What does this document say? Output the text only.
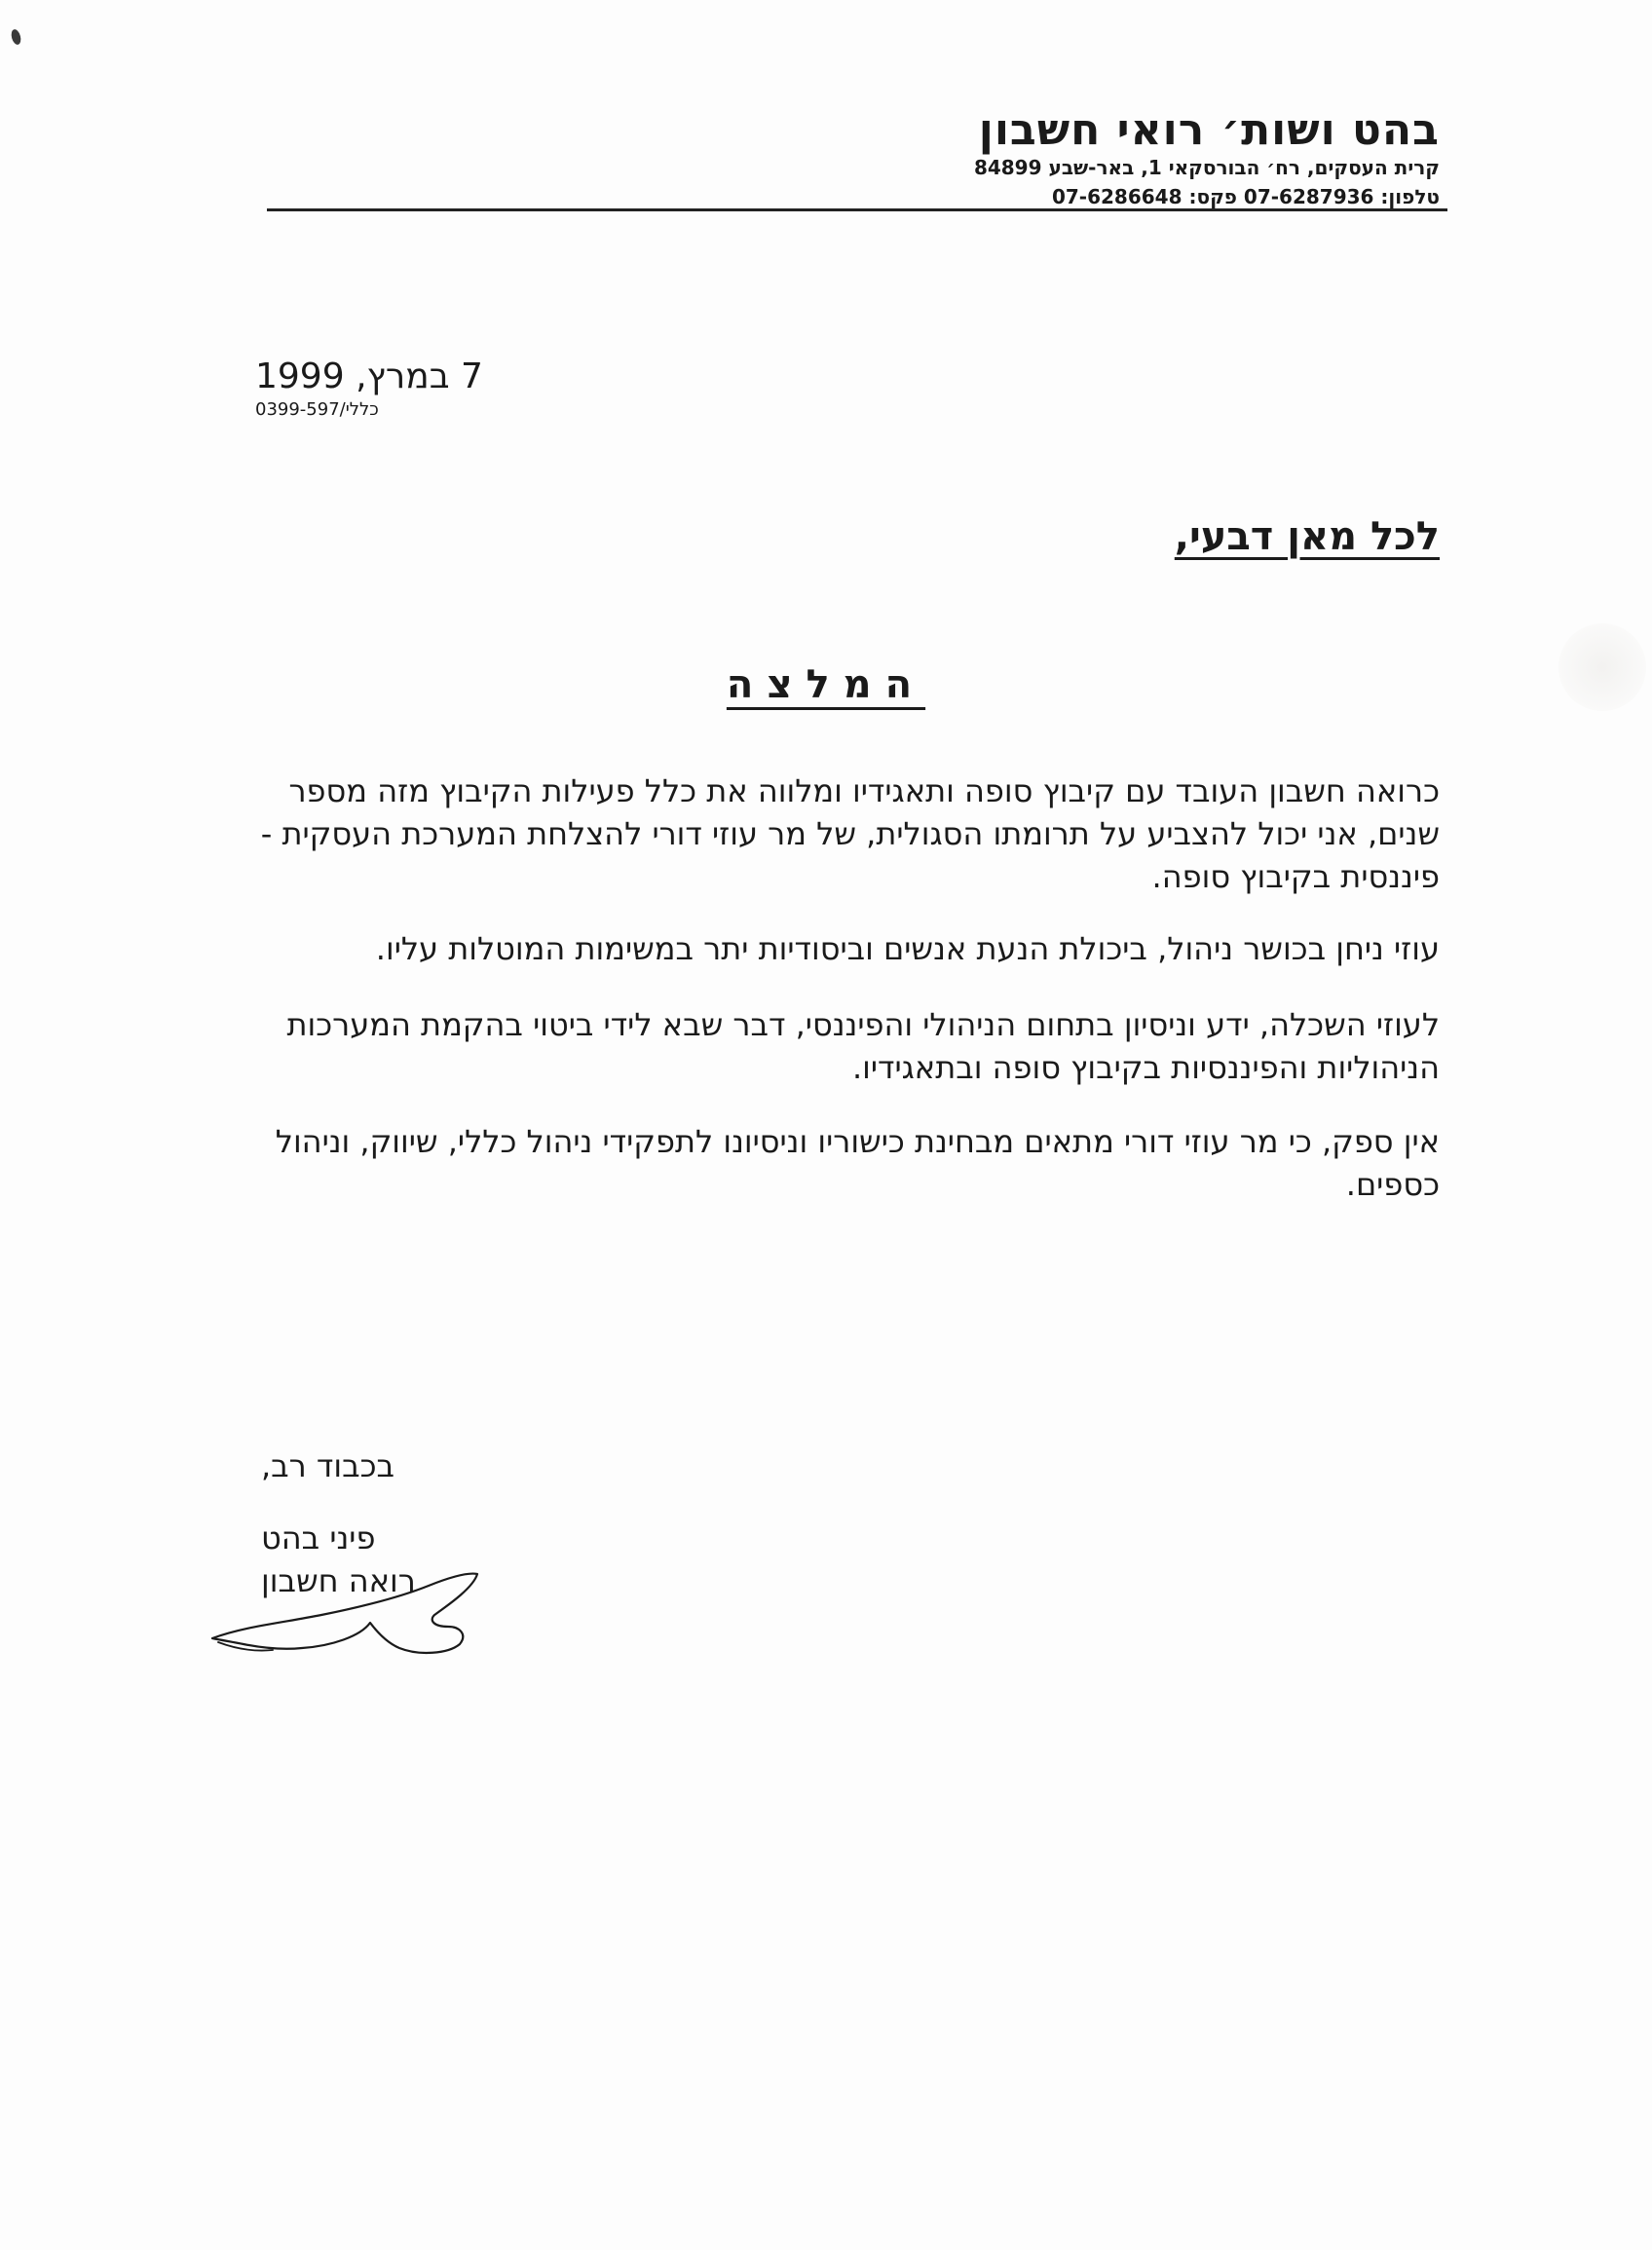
בהט ושות׳ רואי חשבון
קרית העסקים, רח׳ הבורסקאי 1, באר-שבע 84899
טלפון: 07-6287936 פקס: 07-6286648
7 במרץ, 1999
0399-597/כללי
לכל מאן דבעי,
המלצה
כרואה חשבון העובד עם קיבוץ סופה ותאגידיו ומלווה את כלל פעילות הקיבוץ מזה מספר שנים, אני יכול להצביע על תרומתו הסגולית, של מר עוזי דורי להצלחת המערכת העסקית - פיננסית בקיבוץ סופה.
עוזי ניחן בכושר ניהול, ביכולת הנעת אנשים וביסודיות יתר במשימות המוטלות עליו.
לעוזי השכלה, ידע וניסיון בתחום הניהולי והפיננסי, דבר שבא לידי ביטוי בהקמת המערכות הניהוליות והפיננסיות בקיבוץ סופה ובתאגידיו.
אין ספק, כי מר עוזי דורי מתאים מבחינת כישוריו וניסיונו לתפקידי ניהול כללי, שיווק, וניהול כספים.
בכבוד רב,
פיני בהט
רואה חשבון
